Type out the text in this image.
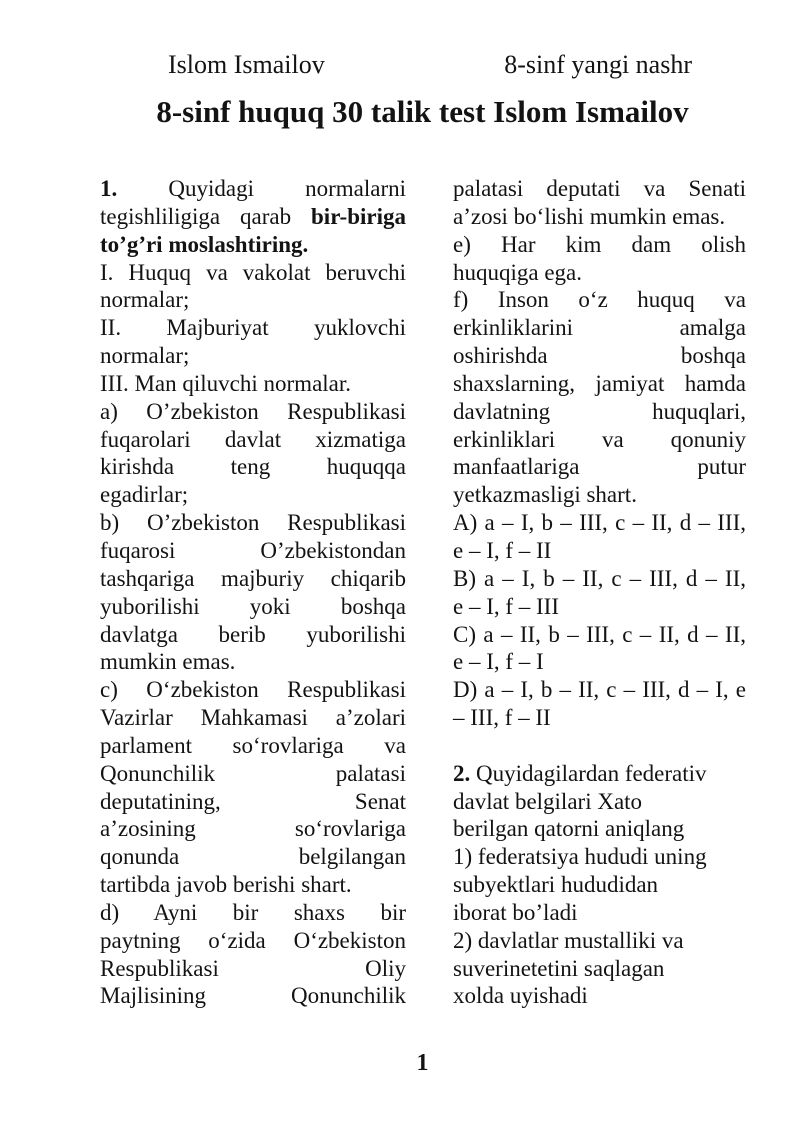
Islom Ismailov	8-sinf yangi nashr
8-sinf huquq 30 talik test Islom Ismailov
1. Quyidagi normalarni
tegishliligiga qarab bir-biriga
to’g’ri moslashtiring.
I. Huquq va vakolat beruvchi
normalar;
II. Majburiyat yuklovchi
normalar;
III. Man qiluvchi normalar.
a) O’zbekiston Respublikasi
fuqarolari davlat xizmatiga
kirishda teng huquqqa
egadirlar;
b) O’zbekiston Respublikasi
fuqarosi O’zbekistondan
tashqariga majburiy chiqarib
yuborilishi yoki boshqa
davlatga berib yuborilishi
mumkin emas.
c) O‘zbekiston Respublikasi
Vazirlar Mahkamasi a’zolari
parlament so‘rovlariga va
Qonunchilik palatasi
deputatining, Senat
a’zosining so‘rovlariga
qonunda belgilangan
tartibda javob berishi shart.
d) Ayni bir shaxs bir
paytning o‘zida O‘zbekiston
Respublikasi Oliy
Majlisining Qonunchilik
palatasi deputati va Senati
a’zosi bo‘lishi mumkin emas.
e) Har kim dam olish
huquqiga ega.
f) Inson o‘z huquq va
erkinliklarini amalga
oshirishda boshqa
shaxslarning, jamiyat hamda
davlatning huquqlari,
erkinliklari va qonuniy
manfaatlariga putur
yetkazmasligi shart.
A) a – I, b – III, c – II, d – III,
e – I, f – II
B) a – I, b – II, c – III, d – II,
e – I, f – III
C) a – II, b – III, c – II, d – II,
e – I, f – I
D) a – I, b – II, c – III, d – I, e
– III, f – II

2. Quyidagilardan federativ
davlat belgilari Xato
berilgan qatorni aniqlang
1) federatsiya hududi uning
subyektlari hududidan
iborat bo’ladi
2) davlatlar mustalliki va
suverinetetini saqlagan
xolda uyishadi
1
